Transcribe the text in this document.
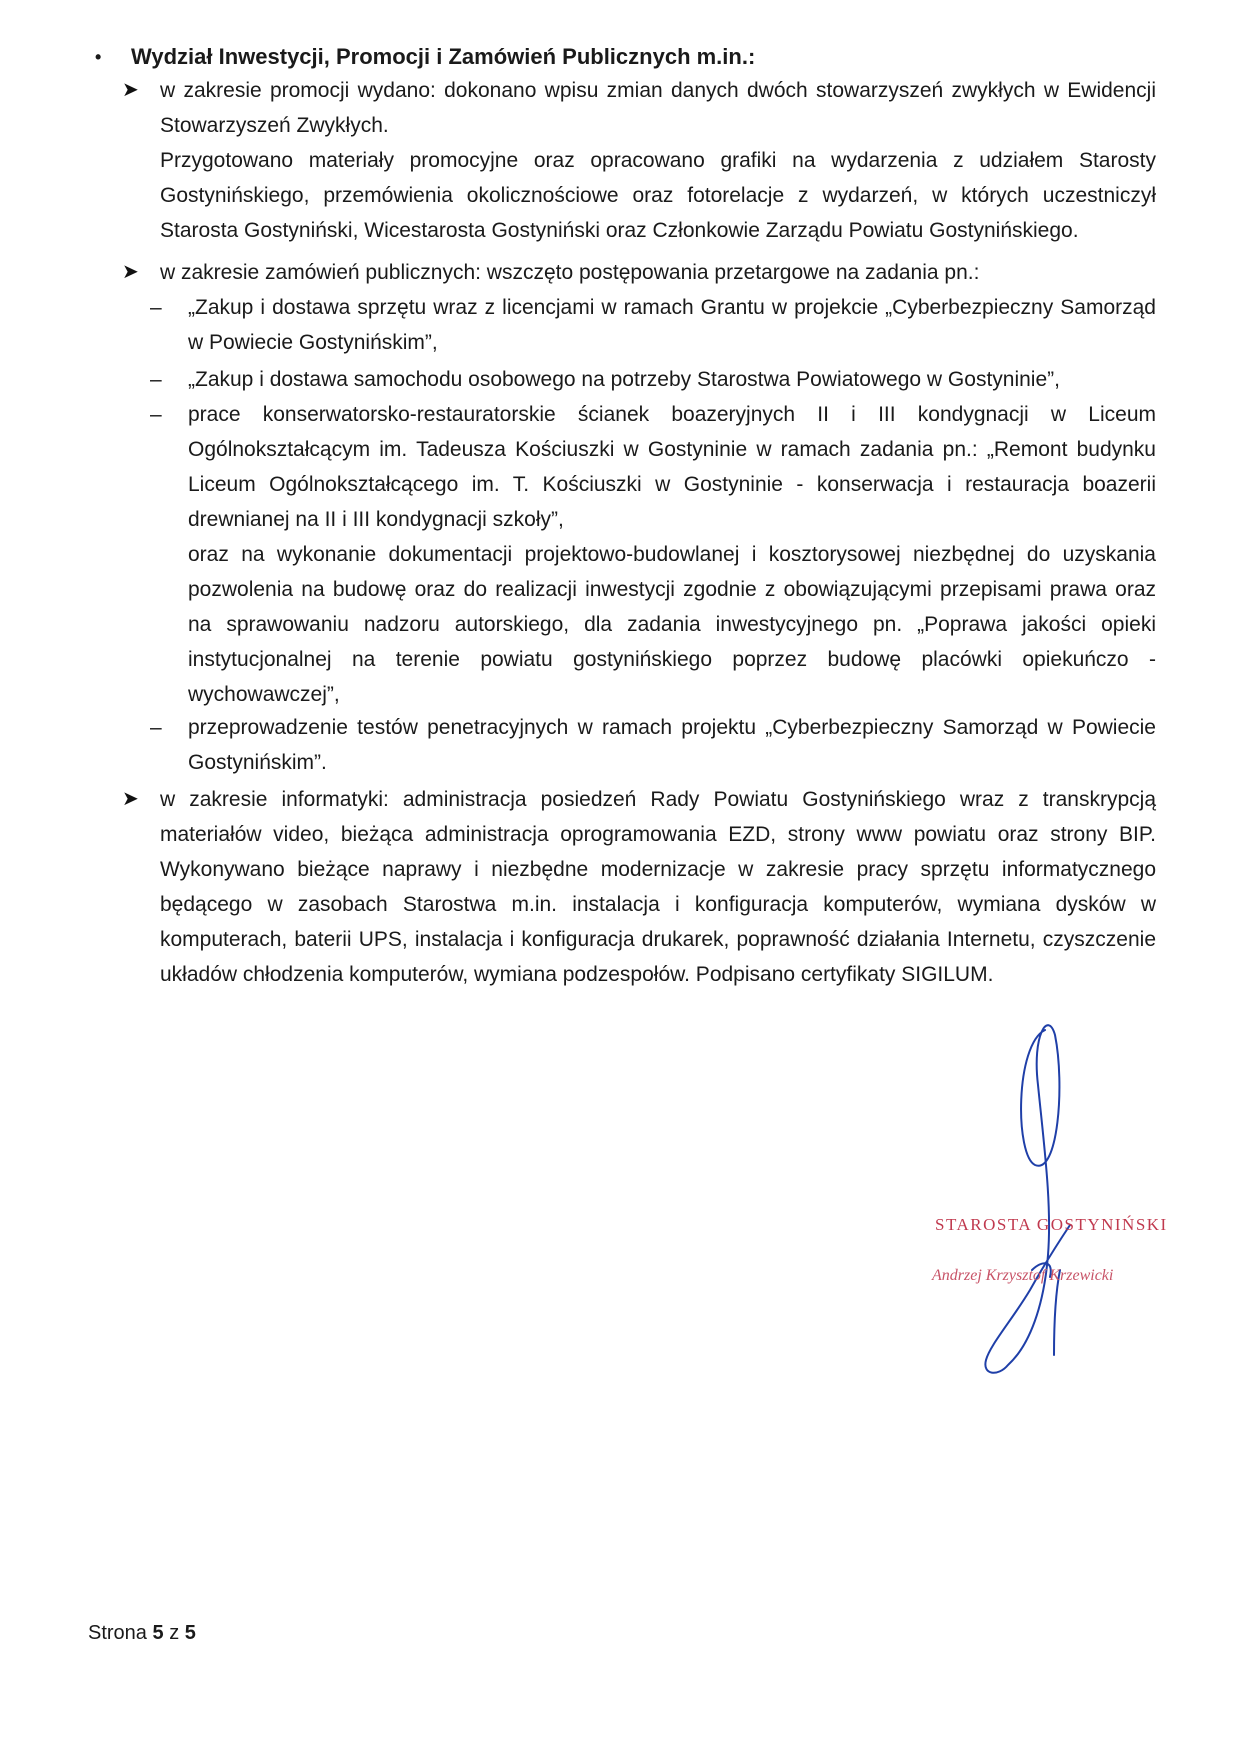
•	Wydział Inwestycji, Promocji i Zamówień Publicznych m.in.:
➤ w zakresie promocji wydano: dokonano wpisu zmian danych dwóch stowarzyszeń zwykłych w Ewidencji Stowarzyszeń Zwykłych.

Przygotowano materiały promocyjne oraz opracowano grafiki na wydarzenia z udziałem Starosty Gostynińskiego, przemówienia okolicznościowe oraz fotorelacje z wydarzeń, w których uczestniczył Starosta Gostyniński, Wicestarosta Gostyniński oraz Członkowie Zarządu Powiatu Gostynińskiego.

➤ w zakresie zamówień publicznych: wszczęto postępowania przetargowe na zadania pn.:

– „Zakup i dostawa sprzętu wraz z licencjami w ramach Grantu w projekcie „Cyberbezpieczny Samorząd w Powiecie Gostynińskim”,

– „Zakup i dostawa samochodu osobowego na potrzeby Starostwa Powiatowego w Gostyninie”,

– prace konserwatorsko-restauratorskie ścianek boazeryjnych II i III kondygnacji w Liceum Ogólnokształcącym im. Tadeusza Kościuszki w Gostyninie w ramach zadania pn.: „Remont budynku Liceum Ogólnokształcącego im. T. Kościuszki w Gostyninie - konserwacja i restauracja boazerii drewnianej na II i III kondygnacji szkoły”,

oraz na wykonanie dokumentacji projektowo-budowlanej i kosztorysowej niezbędnej do uzyskania pozwolenia na budowę oraz do realizacji inwestycji zgodnie z obowiązującymi przepisami prawa oraz na sprawowaniu nadzoru autorskiego, dla zadania inwestycyjnego pn. „Poprawa jakości opieki instytucjonalnej na terenie powiatu gostynińskiego poprzez budowę placówki opiekuńczo -wychowawczej”,

– przeprowadzenie testów penetracyjnych w ramach projektu „Cyberbezpieczny Samorząd w Powiecie Gostynińskim”.

➤ w zakresie informatyki: administracja posiedzeń Rady Powiatu Gostynińskiego wraz z transkrypcją materiałów video, bieżąca administracja oprogramowania EZD, strony www powiatu oraz strony BIP. Wykonywano bieżące naprawy i niezbędne modernizacje w zakresie pracy sprzętu informatycznego będącego w zasobach Starostwa m.in. instalacja i konfiguracja komputerów, wymiana dysków w komputerach, baterii UPS, instalacja i konfiguracja drukarek, poprawność działania Internetu, czyszczenie układów chłodzenia komputerów, wymiana podzespołów. Podpisano certyfikaty SIGILUM.

STAROSTA GOSTYNIŃSKI
Andrzej Krzysztof Krzewicki
Strona 5 z 5
